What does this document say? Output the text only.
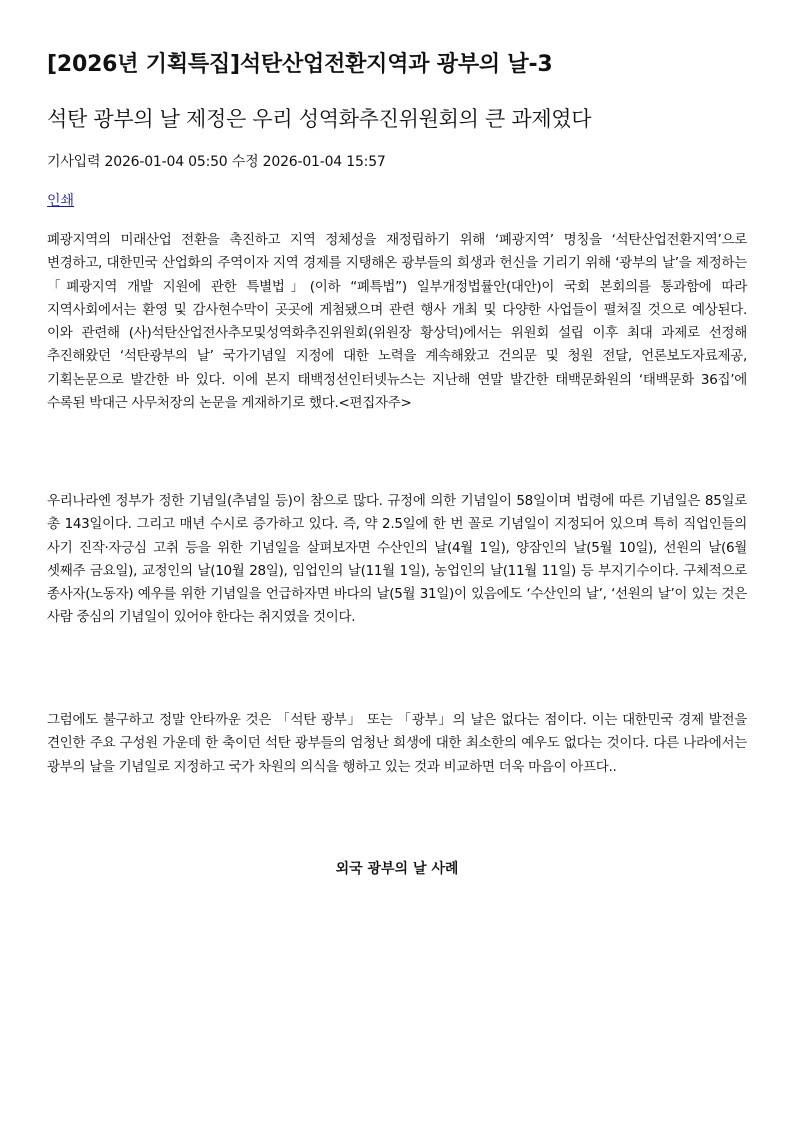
[2026년 기획특집]석탄산업전환지역과 광부의 날-3
석탄 광부의 날 제정은 우리 성역화추진위원회의 큰 과제였다
기사입력 2026-01-04 05:50 수정 2026-01-04 15:57
인쇄

폐광지역의 미래산업 전환을 촉진하고 지역 정체성을 재정립하기 위해 ‘폐광지역’ 명칭을 ‘석탄산업전환지역’으로 변경하고, 대한민국 산업화의 주역이자 지역 경제를 지탱해온 광부들의 희생과 헌신을 기리기 위해 ‘광부의 날’을 제정하는 「폐광지역 개발 지원에 관한 특별법」(이하 “폐특법”) 일부개정법률안(대안)이 국회 본회의를 통과함에 따라 지역사회에서는 환영 및 감사현수막이 곳곳에 게첨됐으며 관련 행사 개최 및 다양한 사업들이 펼쳐질 것으로 예상된다. 이와 관련해 (사)석탄산업전사추모및성역화추진위원회(위원장 황상덕)에서는 위원회 설립 이후 최대 과제로 선정해 추진해왔던 ‘석탄광부의 날’ 국가기념일 지정에 대한 노력을 계속해왔고 건의문 및 청원 전달, 언론보도자료제공, 기획논문으로 발간한 바 있다. 이에 본지 태백정선인터넷뉴스는 지난해 연말 발간한 태백문화원의 ‘태백문화 36집’에 수록된 박대근 사무처장의 논문을 게재하기로 했다.<편집자주>

우리나라엔 정부가 정한 기념일(추념일 등)이 참으로 많다. 규정에 의한 기념일이 58일이며 법령에 따른 기념일은 85일로 총 143일이다. 그리고 매년 수시로 증가하고 있다. 즉, 약 2.5일에 한 번 꼴로 기념일이 지정되어 있으며 특히 직업인들의 사기 진작·자긍심 고취 등을 위한 기념일을 살펴보자면 수산인의 날(4월 1일), 양잠인의 날(5월 10일), 선원의 날(6월 셋째주 금요일), 교정인의 날(10월 28일), 임업인의 날(11월 1일), 농업인의 날(11월 11일) 등 부지기수이다. 구체적으로 종사자(노동자) 예우를 위한 기념일을 언급하자면 바다의 날(5월 31일)이 있음에도 ‘수산인의 날’, ‘선원의 날’이 있는 것은 사람 중심의 기념일이 있어야 한다는 취지였을 것이다.

그럼에도 불구하고 정말 안타까운 것은 「석탄 광부」 또는 「광부」의 날은 없다는 점이다. 이는 대한민국 경제 발전을 견인한 주요 구성원 가운데 한 축이던 석탄 광부들의 엄청난 희생에 대한 최소한의 예우도 없다는 것이다. 다른 나라에서는 광부의 날을 기념일로 지정하고 국가 차원의 의식을 행하고 있는 것과 비교하면 더욱 마음이 아프다..

외국 광부의 날 사례
